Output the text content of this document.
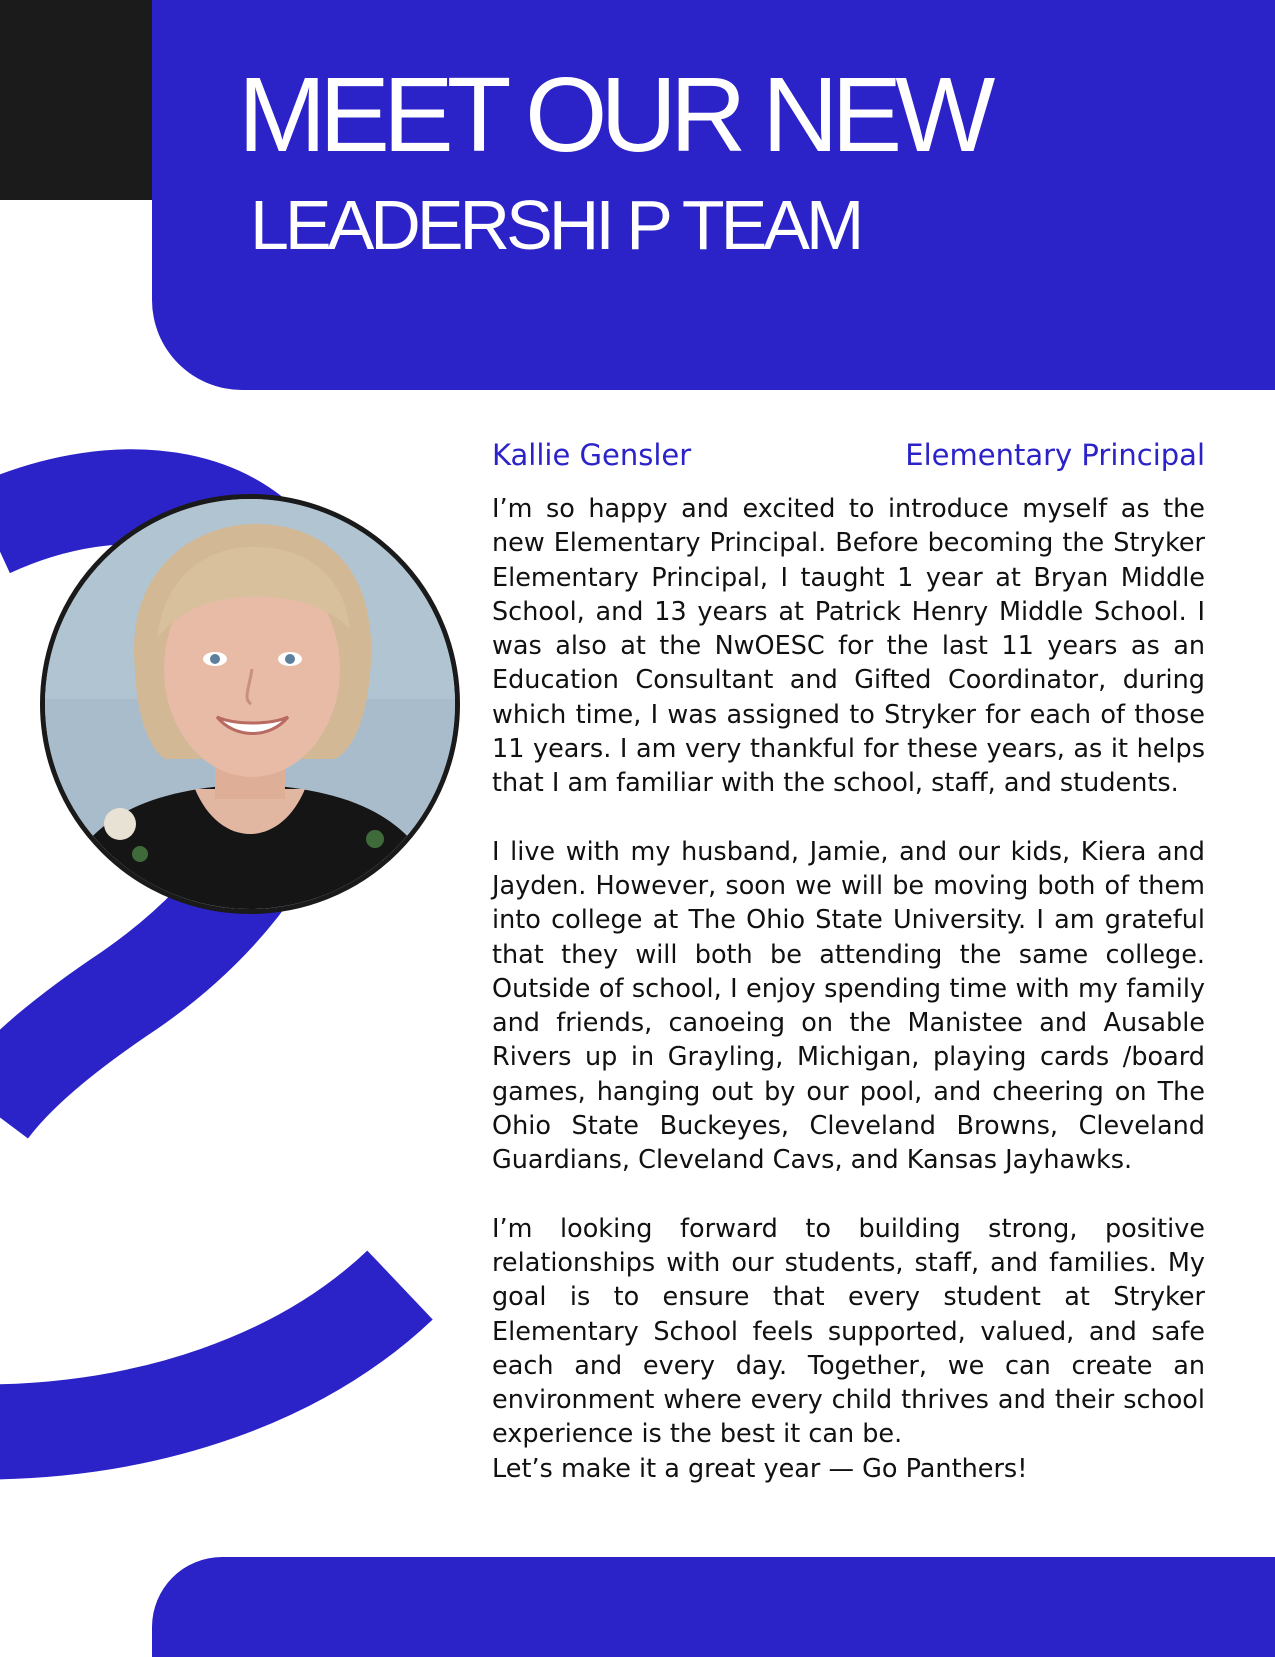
MEET OUR NEW
LEADERSHI P TEAM
Kallie Gensler	Elementary Principal

I’m so happy and excited to introduce myself as the new Elementary Principal. Before becoming the Stryker Elementary Principal, I taught 1 year at Bryan Middle School, and 13 years at Patrick Henry Middle School. I was also at the NwOESC for the last 11 years as an Education Consultant and Gifted Coordinator, during which time, I was assigned to Stryker for each of those 11 years. I am very thankful for these years, as it helps that I am familiar with the school, staff, and students.

I live with my husband, Jamie, and our kids, Kiera and Jayden. However, soon we will be moving both of them into college at The Ohio State University. I am grateful that they will both be attending the same college. Outside of school, I enjoy spending time with my family and friends, canoeing on the Manistee and Ausable Rivers up in Grayling, Michigan, playing cards /board games, hanging out by our pool, and cheering on The Ohio State Buckeyes, Cleveland Browns, Cleveland Guardians, Cleveland Cavs, and Kansas Jayhawks.

I’m looking forward to building strong, positive relationships with our students, staff, and families. My goal is to ensure that every student at Stryker Elementary School feels supported, valued, and safe each and every day. Together, we can create an environment where every child thrives and their school experience is the best it can be.

Let’s make it a great year — Go Panthers!
